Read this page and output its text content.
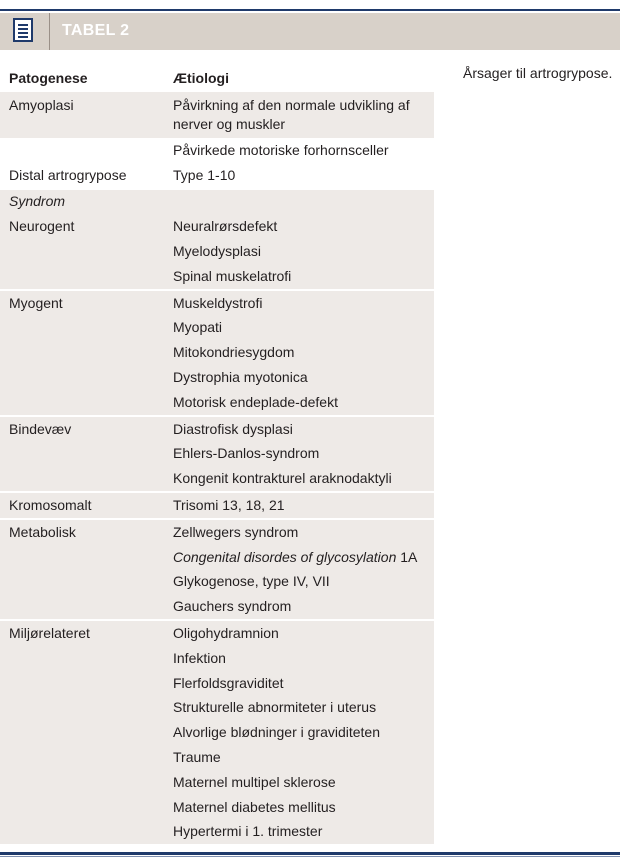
TABEL 2
Patogenese	Ætiologi	Årsager til artrogrypose.
Amyoplasi	Påvirkning af den normale udvikling af nerver og muskler
	Påvirkede motoriske forhornsceller
Distal artrogrypose	Type 1-10
Syndrom	
Neurogent	Neuralrørsdefekt
	Myelodysplasi
	Spinal muskelatrofi
Myogent	Muskeldystrofi
	Myopati
	Mitokondriesygdom
	Dystrophia myotonica
	Motorisk endeplade-defekt
Bindevæv	Diastrofisk dysplasi
	Ehlers-Danlos-syndrom
	Kongenit kontrakturel araknodaktyli
Kromosomalt	Trisomi 13, 18, 21
Metabolisk	Zellwegers syndrom
	Congenital disordes of glycosylation 1A
	Glykogenose, type IV, VII
	Gauchers syndrom
Miljørelateret	Oligohydramnion
	Infektion
	Flerfoldsgraviditet
	Strukturelle abnormiteter i uterus
	Alvorlige blødninger i graviditeten
	Traume
	Maternel multipel sklerose
	Maternel diabetes mellitus
	Hypertermi i 1. trimester
